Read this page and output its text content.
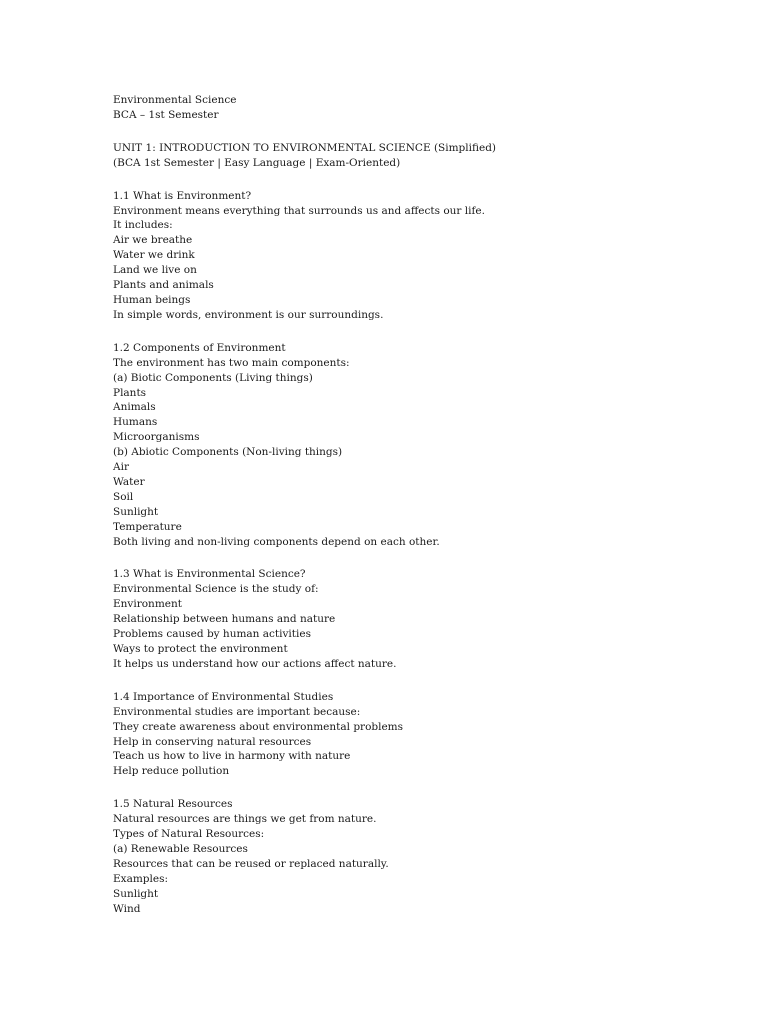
Environmental Science
BCA – 1st Semester
UNIT 1: INTRODUCTION TO ENVIRONMENTAL SCIENCE (Simplified)
(BCA 1st Semester | Easy Language | Exam-Oriented)
1.1 What is Environment?
Environment means everything that surrounds us and affects our life.
It includes:
Air we breathe
Water we drink
Land we live on
Plants and animals
Human beings
In simple words, environment is our surroundings.
1.2 Components of Environment
The environment has two main components:
(a) Biotic Components (Living things)
Plants
Animals
Humans
Microorganisms
(b) Abiotic Components (Non-living things)
Air
Water
Soil
Sunlight
Temperature
Both living and non-living components depend on each other.
1.3 What is Environmental Science?
Environmental Science is the study of:
Environment
Relationship between humans and nature
Problems caused by human activities
Ways to protect the environment
It helps us understand how our actions affect nature.
1.4 Importance of Environmental Studies
Environmental studies are important because:
They create awareness about environmental problems
Help in conserving natural resources
Teach us how to live in harmony with nature
Help reduce pollution
1.5 Natural Resources
Natural resources are things we get from nature.
Types of Natural Resources:
(a) Renewable Resources
Resources that can be reused or replaced naturally.
Examples:
Sunlight
Wind
